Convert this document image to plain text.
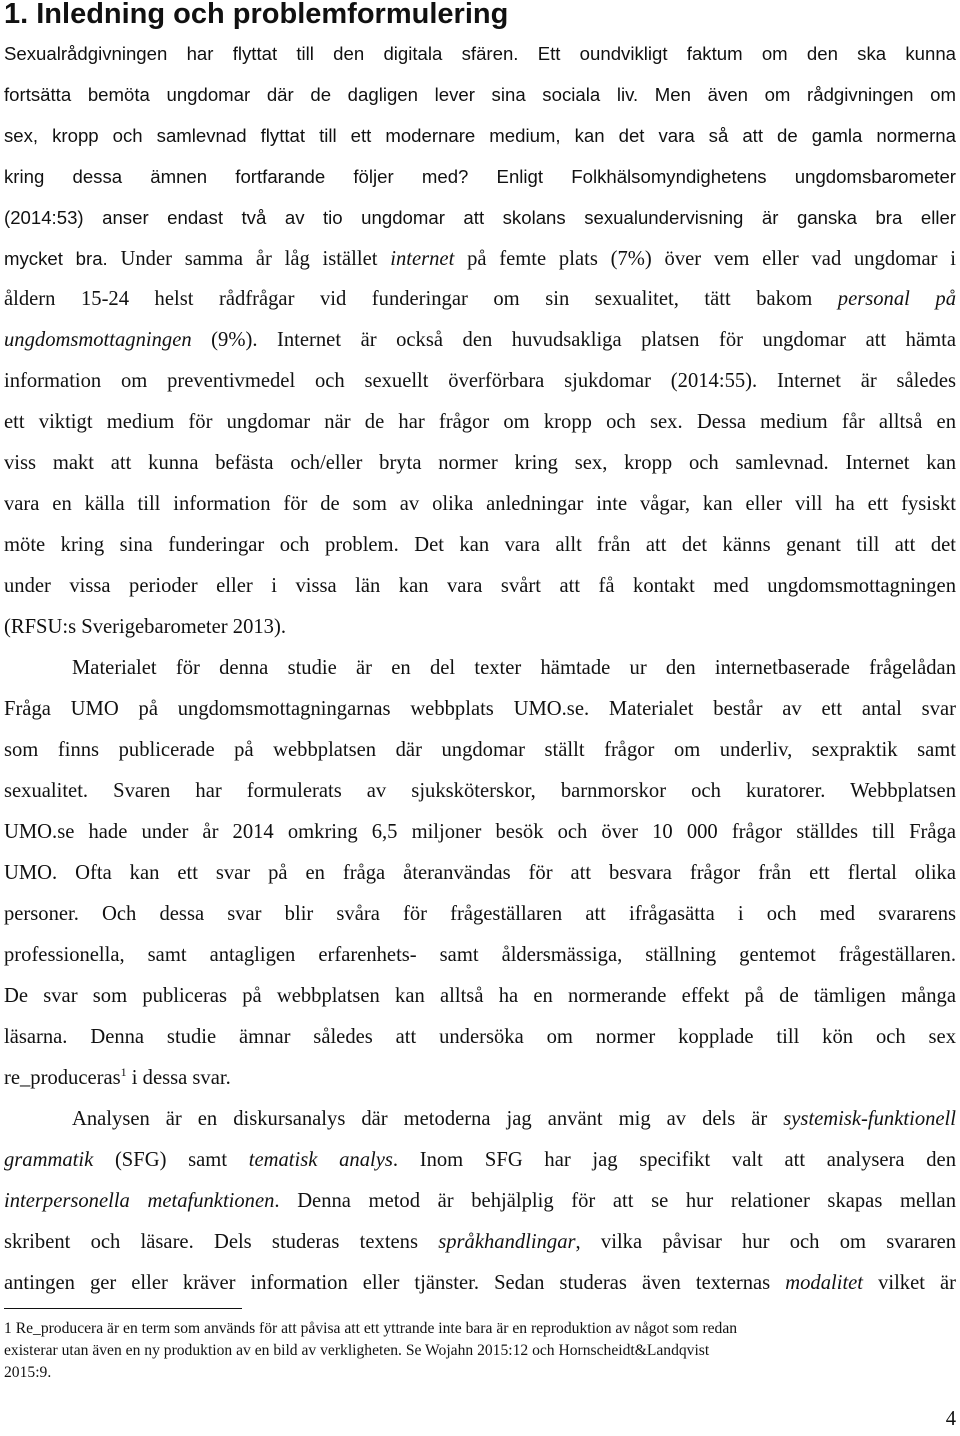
1. Inledning och problemformulering
Sexualrådgivningen har flyttat till den digitala sfären. Ett oundvikligt faktum om den ska kunna
fortsätta bemöta ungdomar där de dagligen lever sina sociala liv. Men även om rådgivningen om
sex, kropp och samlevnad flyttat till ett modernare medium, kan det vara så att de gamla normerna
kring dessa ämnen fortfarande följer med? Enligt Folkhälsomyndighetens ungdomsbarometer
(2014:53) anser endast två av tio ungdomar att skolans sexualundervisning är ganska bra eller
mycket bra. Under samma år låg istället internet på femte plats (7%) över vem eller vad ungdomar i
åldern 15-24 helst rådfrågar vid funderingar om sin sexualitet, tätt bakom personal på
ungdomsmottagningen (9%). Internet är också den huvudsakliga platsen för ungdomar att hämta
information om preventivmedel och sexuellt överförbara sjukdomar (2014:55). Internet är således
ett viktigt medium för ungdomar när de har frågor om kropp och sex. Dessa medium får alltså en
viss makt att kunna befästa och/eller bryta normer kring sex, kropp och samlevnad. Internet kan
vara en källa till information för de som av olika anledningar inte vågar, kan eller vill ha ett fysiskt
möte kring sina funderingar och problem. Det kan vara allt från att det känns genant till att det
under vissa perioder eller i vissa län kan vara svårt att få kontakt med ungdomsmottagningen
(RFSU:s Sverigebarometer 2013).
Materialet för denna studie är en del texter hämtade ur den internetbaserade frågelådan
Fråga UMO på ungdomsmottagningarnas webbplats UMO.se. Materialet består av ett antal svar
som finns publicerade på webbplatsen där ungdomar ställt frågor om underliv, sexpraktik samt
sexualitet. Svaren har formulerats av sjuksköterskor, barnmorskor och kuratorer. Webbplatsen
UMO.se hade under år 2014 omkring 6,5 miljoner besök och över 10 000 frågor ställdes till Fråga
UMO. Ofta kan ett svar på en fråga återanvändas för att besvara frågor från ett flertal olika
personer. Och dessa svar blir svåra för frågeställaren att ifrågasätta i och med svararens
professionella, samt antagligen erfarenhets- samt åldersmässiga, ställning gentemot frågeställaren.
De svar som publiceras på webbplatsen kan alltså ha en normerande effekt på de tämligen många
läsarna. Denna studie ämnar således att undersöka om normer kopplade till kön och sex
re_produceras$^1$ i dessa svar.
Analysen är en diskursanalys där metoderna jag använt mig av dels är systemisk-funktionell
grammatik (SFG) samt tematisk analys. Inom SFG har jag specifikt valt att analysera den
interpersonella metafunktionen. Denna metod är behjälplig för att se hur relationer skapas mellan
skribent och läsare. Dels studeras textens språkhandlingar, vilka påvisar hur och om svararen
antingen ger eller kräver information eller tjänster. Sedan studeras även texternas modalitet vilket är
1 Re_producera är en term som används för att påvisa att ett yttrande inte bara är en reproduktion av något som redan
existerar utan även en ny produktion av en bild av verkligheten. Se Wojahn 2015:12 och Hornscheidt&Landqvist
2015:9.
4
